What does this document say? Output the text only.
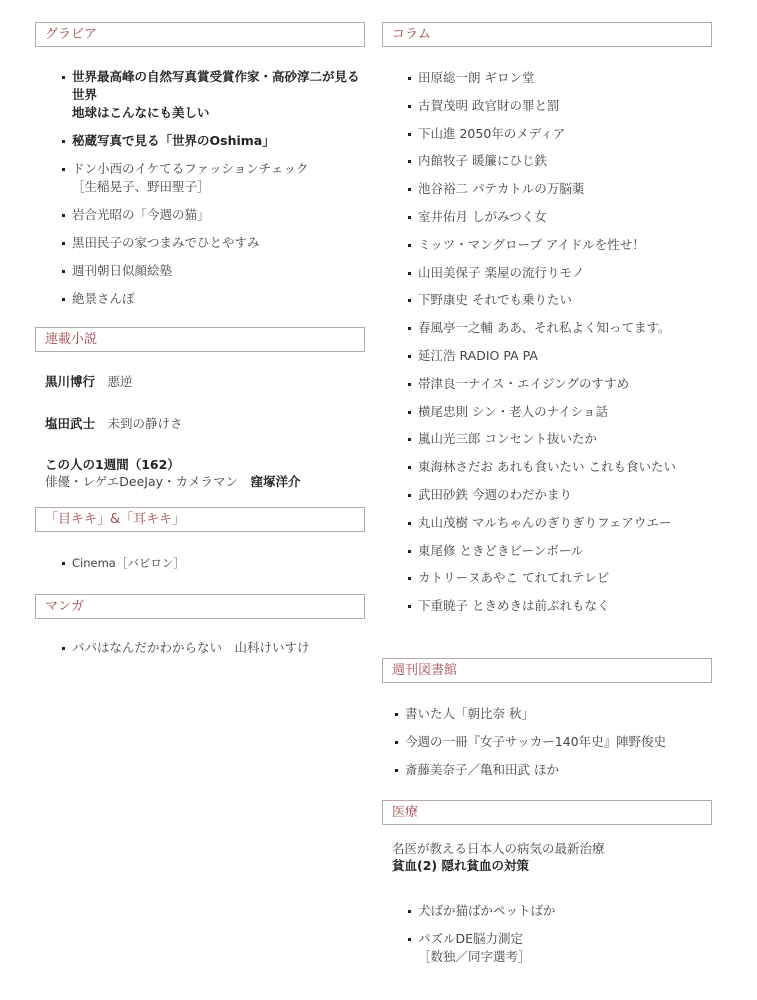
グラビア
世界最高峰の自然写真賞受賞作家・高砂淳二が見る世界
地球はこんなにも美しい
秘蔵写真で見る「世界のOshima」
ドン小西のイケてるファッションチェック
［生稲晃子、野田聖子］
岩合光昭の「今週の猫」
黒田民子の家つまみでひとやすみ
週刊朝日似顔絵塾
絶景さんぽ
連載小説
黒川博行　 悪逆
塩田武士　 未到の静けさ
この人の1週間（162）
俳優・レゲエDeeJay・カメラマン　 窪塚洋介
「目キキ」&「耳キキ」
Cinema［バビロン］
マンガ
パパはなんだかわからない　山科けいすけ
コラム
田原総一朗 ギロン堂
古賀茂明 政官財の罪と罰
下山進 2050年のメディア
内館牧子 暖簾にひじ鉄
池谷裕二 パテカトルの万脳薬
室井佑月 しがみつく女
ミッツ・マングローブ アイドルを性せ！
山田美保子 楽屋の流行りモノ
下野康史 それでも乗りたい
春風亭一之輔 ああ、それ私よく知ってます。
延江浩 RADIO PA PA
帯津良一ナイス・エイジングのすすめ
横尾忠則 シン・老人のナイショ話
嵐山光三郎 コンセント抜いたか
東海林さだお あれも食いたい これも食いたい
武田砂鉄 今週のわだかまり
丸山茂樹 マルちゃんのぎりぎりフェアウエー
東尾修 ときどきビーンボール
カトリーヌあやこ てれてれテレビ
下重暁子 ときめきは前ぶれもなく
週刊図書館
書いた人「朝比奈 秋」
今週の一冊『女子サッカー140年史』陣野俊史
斎藤美奈子／亀和田武 ほか
医療
名医が教える日本人の病気の最新治療
貧血(2) 隠れ貧血の対策
犬ばか猫ばかペットばか
パズルDE脳力測定
［数独／同字選考］
